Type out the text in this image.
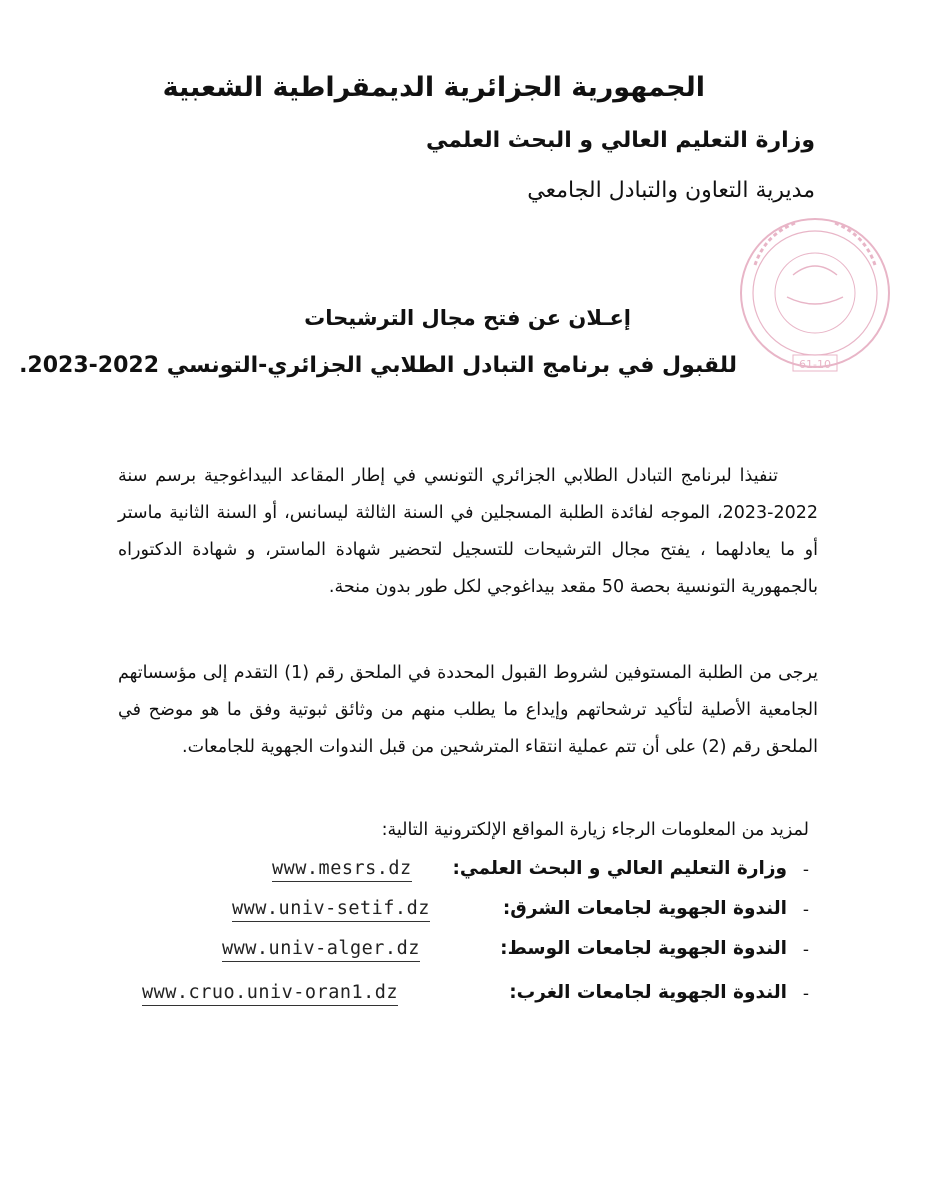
الجمهورية الجزائرية الديمقراطية الشعبية
وزارة التعليم العالي و البحث العلمي
مديرية التعاون والتبادل الجامعي
61-10
إعـلان عن فتح مجال الترشيحات
للقبول في برنامج التبادل الطلابي الجزائري-التونسي 2022-2023.
تنفيذا لبرنامج التبادل الطلابي الجزائري التونسي في إطار المقاعد البيداغوجية برسم سنة 2022-2023، الموجه لفائدة الطلبة المسجلين في السنة الثالثة ليسانس، أو السنة الثانية ماستر أو ما يعادلهما ، يفتح مجال الترشيحات للتسجيل لتحضير شهادة الماستر، و شهادة الدكتوراه بالجمهورية التونسية بحصة 50 مقعد بيداغوجي لكل طور بدون منحة.
يرجى من الطلبة المستوفين لشروط القبول المحددة في الملحق رقم (1) التقدم إلى مؤسساتهم الجامعية الأصلية لتأكيد ترشحاتهم وإيداع ما يطلب منهم من وثائق ثبوتية وفق ما هو موضح في الملحق رقم (2) على أن تتم عملية انتقاء المترشحين من قبل الندوات الجهوية للجامعات.
لمزيد من المعلومات الرجاء زيارة المواقع الإلكترونية التالية:
-
وزارة التعليم العالي و البحث العلمي:
www.mesrs.dz
-
الندوة الجهوية لجامعات الشرق:
www.univ-setif.dz
-
الندوة الجهوية لجامعات الوسط:
www.univ-alger.dz
-
الندوة الجهوية لجامعات الغرب:
www.cruo.univ-oran1.dz
